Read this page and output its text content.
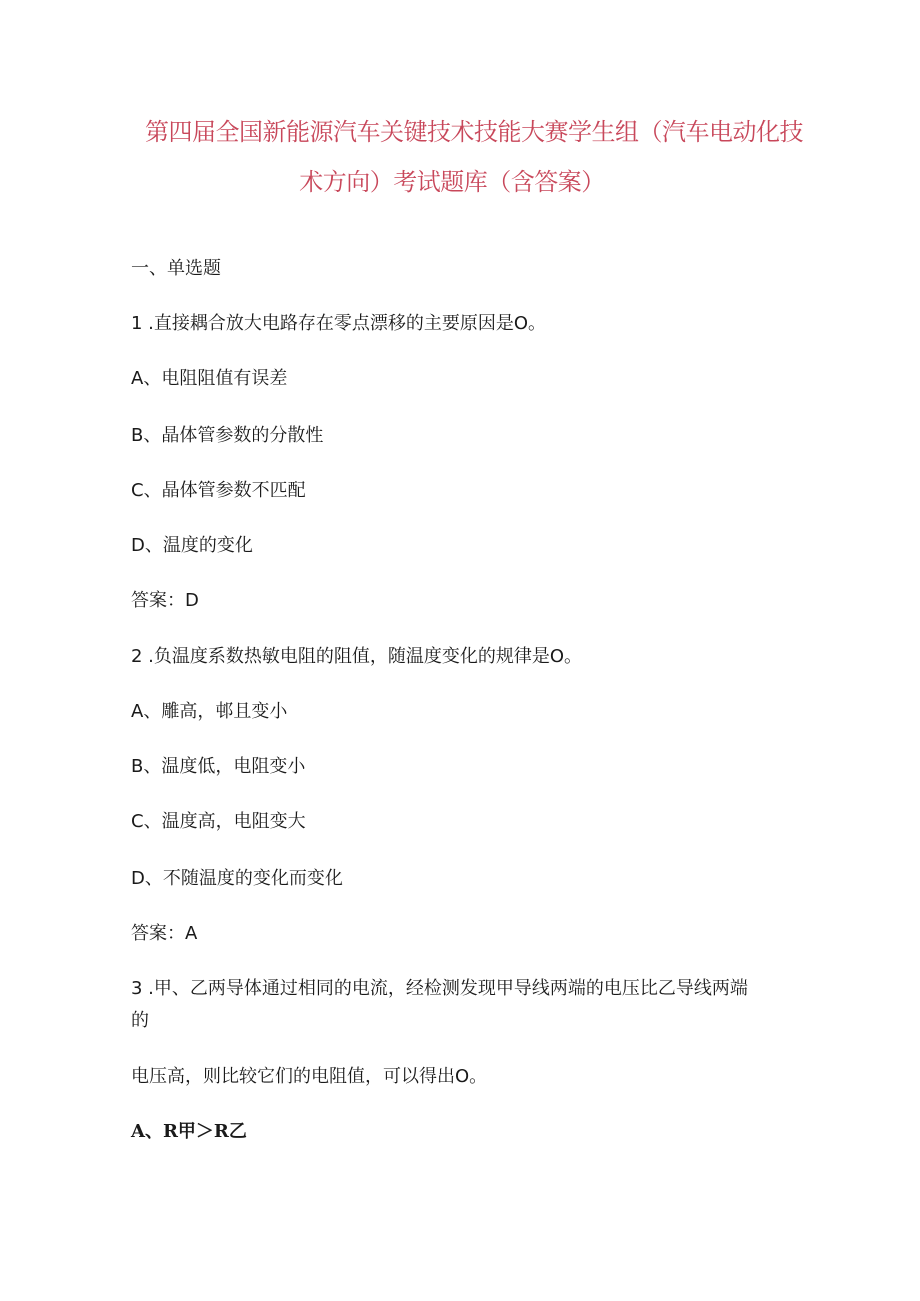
第四届全国新能源汽车关键技术技能大赛学生组（汽车电动化技
术方向）考试题库（含答案）
一、单选题
1 .直接耦合放大电路存在零点漂移的主要原因是O。
A、电阻阻值有误差
B、晶体管参数的分散性
C、晶体管参数不匹配
D、温度的变化
答案：D
2 .负温度系数热敏电阻的阻值，随温度变化的规律是O。
A、雕高，邨且变小
B、温度低，电阻变小
C、温度高，电阻变大
D、不随温度的变化而变化
答案：A
3 .甲、乙两导体通过相同的电流，经检测发现甲导线两端的电压比乙导线两端
的
电压高，则比较它们的电阻值，可以得出O。
A、R甲＞R乙
